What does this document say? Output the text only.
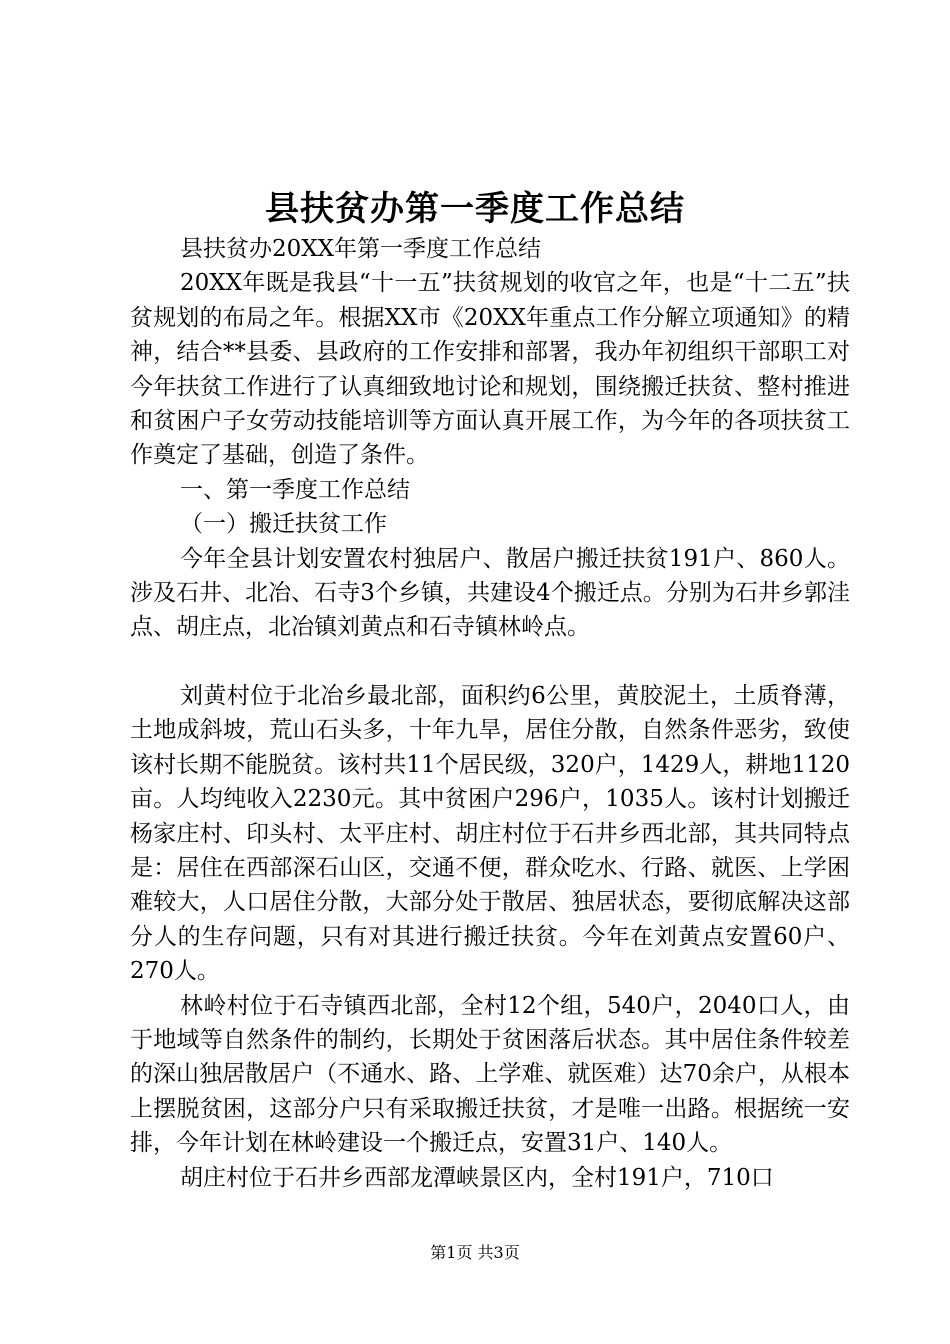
县扶贫办第一季度工作总结

县扶贫办20XX年第一季度工作总结

20XX年既是我县“十一五”扶贫规划的收官之年，也是“十二五”扶贫规划的布局之年。根据XX市《20XX年重点工作分解立项通知》的精神，结合**县委、县政府的工作安排和部署，我办年初组织干部职工对今年扶贫工作进行了认真细致地讨论和规划，围绕搬迁扶贫、整村推进和贫困户子女劳动技能培训等方面认真开展工作，为今年的各项扶贫工作奠定了基础，创造了条件。

一、第一季度工作总结

（一）搬迁扶贫工作

今年全县计划安置农村独居户、散居户搬迁扶贫191户、860人。涉及石井、北冶、石寺3个乡镇，共建设4个搬迁点。分别为石井乡郭洼点、胡庄点，北冶镇刘黄点和石寺镇林岭点。

刘黄村位于北冶乡最北部，面积约6公里，黄胶泥土，土质脊薄，土地成斜坡，荒山石头多，十年九旱，居住分散，自然条件恶劣，致使该村长期不能脱贫。该村共11个居民级，320户，1429人，耕地1120亩。人均纯收入2230元。其中贫困户296户，1035人。该村计划搬迁杨家庄村、印头村、太平庄村、胡庄村位于石井乡西北部，其共同特点是：居住在西部深石山区，交通不便，群众吃水、行路、就医、上学困难较大，人口居住分散，大部分处于散居、独居状态，要彻底解决这部分人的生存问题，只有对其进行搬迁扶贫。今年在刘黄点安置60户、270人。

林岭村位于石寺镇西北部，全村12个组，540户，2040口人，由于地域等自然条件的制约，长期处于贫困落后状态。其中居住条件较差的深山独居散居户（不通水、路、上学难、就医难）达70余户，从根本上摆脱贫困，这部分户只有采取搬迁扶贫，才是唯一出路。根据统一安排，今年计划在林岭建设一个搬迁点，安置31户、140人。

胡庄村位于石井乡西部龙潭峡景区内，全村191户，710口

第1页 共3页
